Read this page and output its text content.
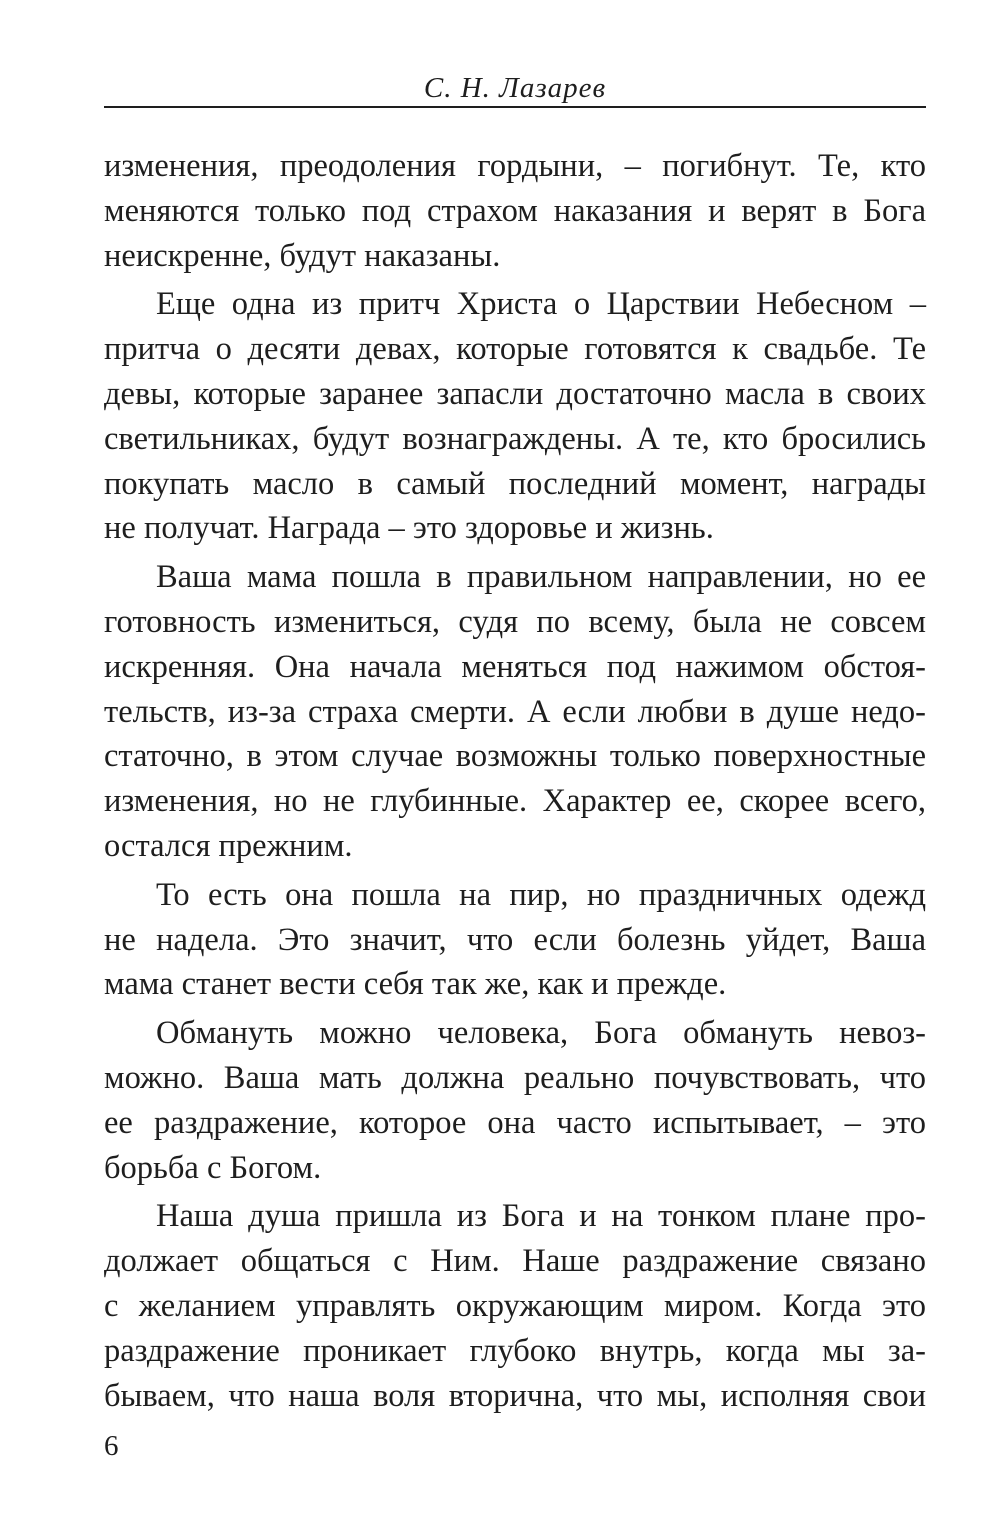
С. Н. Лазарев
изменения, преодоления гордыни, – погибнут. Те, кто
меняются только под страхом наказания и верят в Бога
неискренне, будут наказаны.
Еще одна из притч Христа о Царствии Небесном –
притча о десяти девах, которые готовятся к свадьбе. Те
девы, которые заранее запасли достаточно масла в своих
светильниках, будут вознаграждены. А те, кто бросились
покупать масло в самый последний момент, награды
не получат. Награда – это здоровье и жизнь.
Ваша мама пошла в правильном направлении, но ее
готовность измениться, судя по всему, была не совсем
искренняя. Она начала меняться под нажимом обстоя-
тельств, из-за страха смерти. А если любви в душе недо-
статочно, в этом случае возможны только поверхностные
изменения, но не глубинные. Характер ее, скорее всего,
остался прежним.
То есть она пошла на пир, но праздничных одежд
не надела. Это значит, что если болезнь уйдет, Ваша
мама станет вести себя так же, как и прежде.
Обмануть можно человека, Бога обмануть невоз-
можно. Ваша мать должна реально почувствовать, что
ее раздражение, которое она часто испытывает, – это
борьба с Богом.
Наша душа пришла из Бога и на тонком плане про-
должает общаться с Ним. Наше раздражение связано
с желанием управлять окружающим миром. Когда это
раздражение проникает глубоко внутрь, когда мы за-
бываем, что наша воля вторична, что мы, исполняя свои
6
